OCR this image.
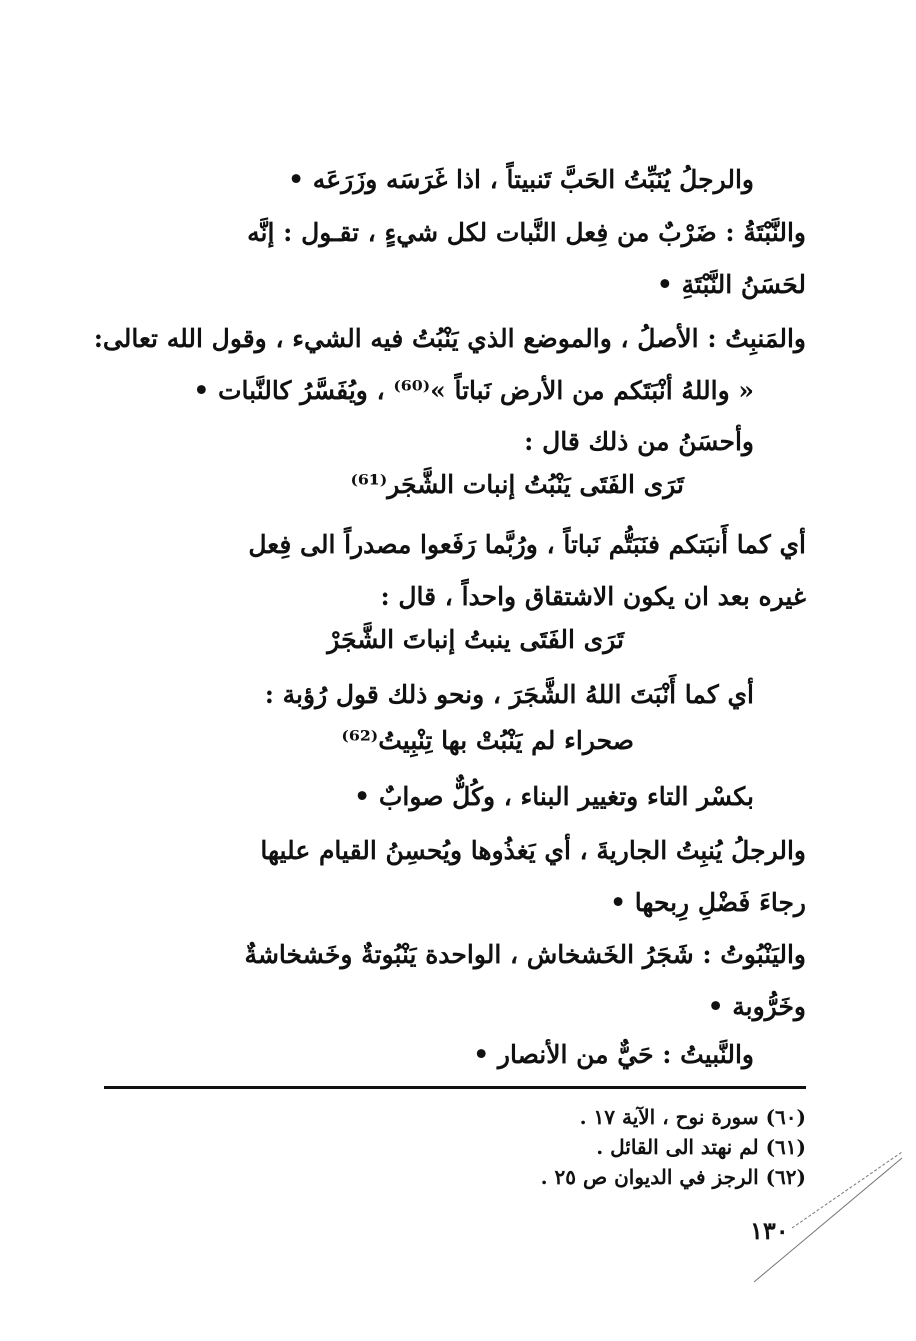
والرجلُ يُنَبِّتُ الحَبَّ تَنبيتاً ، اذا غَرَسَه وزَرَعَه •
والنَّبْتَةُ : ضَرْبٌ من فِعل النَّبات لكل شيءٍ ، تقـول : إنَّه
لحَسَنُ النَّبْتَةِ •
والمَنبِتُ : الأصلُ ، والموضع الذي يَنْبُتُ فيه الشيء ، وقول الله تعالى:
« واللهُ أنْبَتَكم من الأرض نَباتاً »⁽⁶⁰⁾ ، ويُفَسَّرُ كالنَّبات •
وأحسَنُ من ذلك قال :
تَرَى الفَتَى يَنْبُتُ إنبات الشَّجَر⁽⁶¹⁾
أي كما أَنبَتكم فنَبَتُّم نَباتاً ، ورُبَّما رَفَعوا مصدراً الى فِعل
غيره بعد ان يكون الاشتقاق واحداً ، قال :
تَرَى الفَتَى ينبتُ إنباتَ الشَّجَرْ
أي كما أَنْبَتَ اللهُ الشَّجَرَ ، ونحو ذلك قول رُؤبة :
صحراء لم يَنْبُتْ بها تِنْبِيتُ⁽⁶²⁾
بكسْر التاء وتغيير البناء ، وكُلٌّ صوابٌ •
والرجلُ يُنبِتُ الجاريةَ ، أي يَغذُوها ويُحسِنُ القيام عليها
رجاءَ فَضْلِ رِبحها •
واليَنْبُوتُ : شَجَرُ الخَشخاش ، الواحدة يَنْبُوتةٌ وخَشخاشةٌ
وخَرُّوبة •
والنَّبيتُ : حَيٌّ من الأنصار •
(٦٠) سورة نوح ، الآية ١٧ .
(٦١) لم نهتد الى القائل .
(٦٢) الرجز في الديوان ص ٢٥ .
١٣٠
